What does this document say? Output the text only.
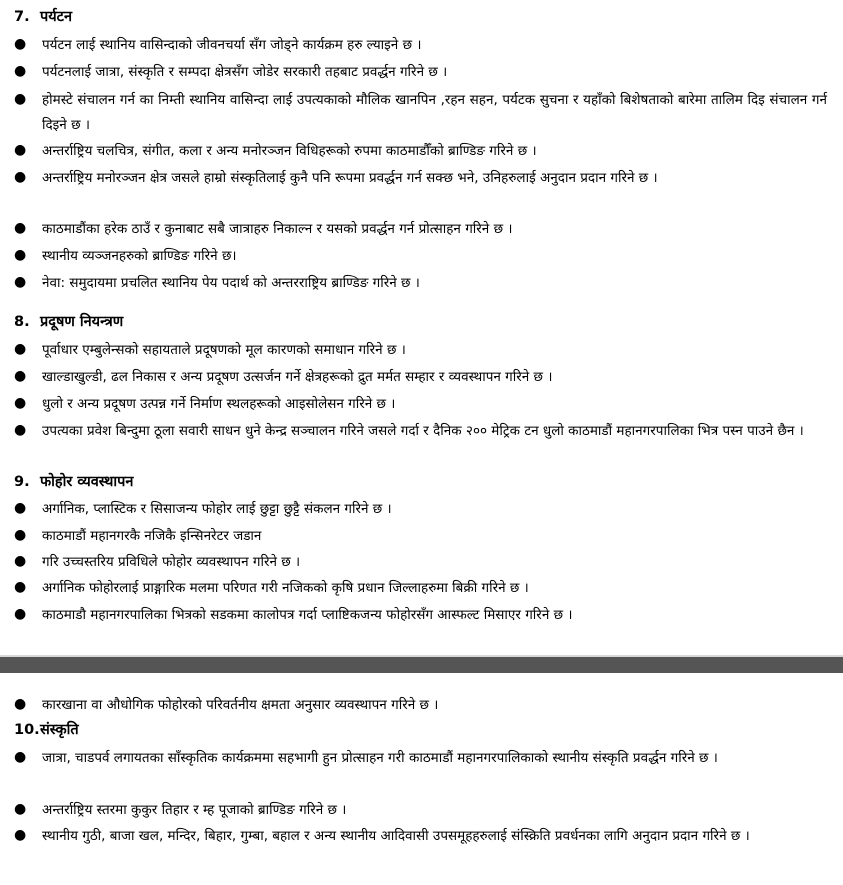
7. पर्यटन
● पर्यटन लाई स्थानिय वासिन्दाको जीवनचर्या सँग जोड्ने कार्यक्रम हरु ल्याइने छ ।
● पर्यटनलाई जात्रा, संस्कृति र सम्पदा क्षेत्रसँग जोडेर सरकारी तहबाट प्रवर्द्धन गरिने छ ।
● होमस्टे संचालन गर्न का निम्ती स्थानिय वासिन्दा लाई उपत्यकाको मौलिक खानपिन ,रहन सहन, पर्यटक सुचना र यहाँको बिशेषताको बारेमा तालिम दिइ संचालन गर्न दिइने छ ।
● अन्तर्राष्ट्रिय चलचित्र, संगीत, कला र अन्य मनोरञ्जन विधिहरूको रुपमा काठमाडौँको ब्राण्डिङ गरिने छ ।
● अन्तर्राष्ट्रिय मनोरञ्जन क्षेत्र जसले हाम्रो संस्कृतिलाई कुनै पनि रूपमा प्रवर्द्धन गर्न सक्छ भने, उनिहरुलाई अनुदान प्रदान गरिने छ ।
● काठमाडौंका हरेक ठाउँ र कुनाबाट सबै जात्राहरु निकाल्न र यसको प्रवर्द्धन गर्न प्रोत्साहन गरिने छ ।
● स्थानीय व्यञ्जनहरुको ब्राण्डिङ गरिने छ।
● नेवा: समुदायमा प्रचलित स्थानिय पेय पदार्थ को अन्तरराष्ट्रिय ब्राण्डिङ गरिने छ ।
8. प्रदूषण नियन्त्रण
● पूर्वाधार एम्बुलेन्सको सहायताले प्रदूषणको मूल कारणको समाधान गरिने छ ।
● खाल्डाखुल्डी, ढल निकास र अन्य प्रदूषण उत्सर्जन गर्ने क्षेत्रहरूको द्रुत मर्मत सम्हार र व्यवस्थापन गरिने छ ।
● धुलो र अन्य प्रदूषण उत्पन्न गर्ने निर्माण स्थलहरूको आइसोलेसन गरिने छ ।
● उपत्यका प्रवेश बिन्दुमा ठूला सवारी साधन धुने केन्द्र सञ्चालन गरिने जसले गर्दा र दैनिक २०० मेट्रिक टन धुलो काठमाडौं महानगरपालिका भित्र पस्न पाउने छैन ।
9. फोहोर व्यवस्थापन
● अर्गानिक, प्लास्टिक र सिसाजन्य फोहोर लाई छुट्टा छुट्टै संकलन गरिने छ ।
● काठमाडौं महानगरकै नजिकै इन्सिनरेटर जडान
● गरि उच्चस्तरिय प्रविधिले फोहोर व्यवस्थापन गरिने छ ।
● अर्गानिक फोहोरलाई प्राङ्गारिक मलमा परिणत गरी नजिकको कृषि प्रधान जिल्लाहरुमा बिक्री गरिने छ ।
● काठमाडौ महानगरपालिका भित्रको सडकमा कालोपत्र गर्दा प्लाष्टिकजन्य फोहोरसँग आस्फल्ट मिसाएर गरिने छ ।
● कारखाना वा औधोगिक फोहोरको परिवर्तनीय क्षमता अनुसार व्यवस्थापन गरिने छ ।
10.संस्कृति
● जात्रा, चाडपर्व लगायतका साँस्कृतिक कार्यक्रममा सहभागी हुन प्रोत्साहन गरी काठमाडौं महानगरपालिकाको स्थानीय संस्कृति प्रवर्द्धन गरिने छ ।
● अन्तर्राष्ट्रिय स्तरमा कुकुर तिहार र म्ह पूजाको ब्राण्डिङ गरिने छ ।
● स्थानीय गुठी, बाजा खल, मन्दिर, बिहार, गुम्बा, बहाल र अन्य स्थानीय आदिवासी उपसमूहहरुलाई संस्क्रिति प्रवर्धनका लागि अनुदान प्रदान गरिने छ ।
